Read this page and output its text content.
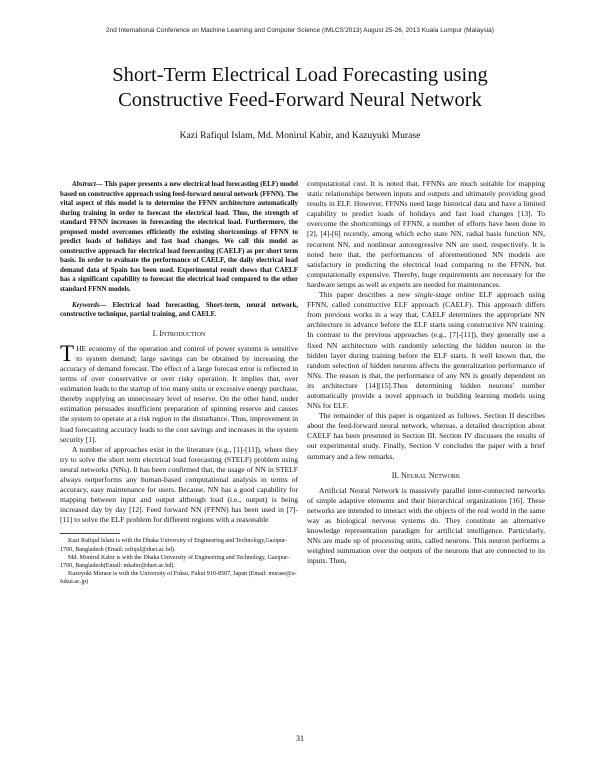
2nd International Conference on Machine Learning and Computer Science (IMLCS'2013) August 25-26, 2013 Kuala Lumpur (Malaysia)
Short-Term Electrical Load Forecasting using
Constructive Feed-Forward Neural Network
Kazi Rafiqul Islam, Md. Monirul Kabir, and Kazuyuki Murase

Abstract— This paper presents a new electrical load forecasting (ELF) model based on constructive approach using feed-forward neural network (FFNN). The vital aspect of this model is to determine the FFNN architecture automatically during training in order to forecast the electrical load. Thus, the strength of standard FFNN increases in forecasting the electrical load. Furthermore, the proposed model overcomes efficiently the existing shortcomings of FFNN to predict loads of holidays and fast load changes. We call this model as constructive approach for electrical load forecasting (CAELF) as per short term basis. In order to evaluate the performance of CAELF, the daily electrical load demand data of Spain has been used. Experimental result shows that CAELF has a significant capability to forecast the electrical load compared to the other standard FFNN models.

Keywords— Electrical load forecasting, Short-term, neural network, constructive technique, partial training, and CAELF.

I. Introduction

THE economy of the operation and control of power systems is sensitive to system demand; large savings can be obtained by increasing the accuracy of demand forecast. The effect of a large forecast error is reflected in terms of over conservative or over risky operation. It implies that, over estimation leads to the startup of too many units or excessive energy purchase, thereby supplying an unnecessary level of reserve. On the other hand, under estimation persuades insufficient preparation of spinning reserve and causes the system to operate at a risk region to the disturbance. Thus, improvement in load forecasting accuracy leads to the cost savings and increases in the system security [1].

A number of approaches exist in the literature (e.g., [1]-[11]), where they try to solve the short term electrical load forecasting (STELF) problem using neural networks (NNs). It has been confirmed that, the usage of NN in STELF always outperforms any human-based computational analysis in terms of accuracy, easy maintenance for users. Because, NN has a good capability for mapping between input and output although load (i.e., output) is being increased day by day [12]. Feed forward NN (FFNN) has been used in [7]-[11] to solve the ELF problem for different regions with a reasonable

Kazi Rafiqul Islam is with the Dhaka University of Engineering and Technology,Gazipur-1700, Bangladesh (Email: rafiqul@duet.ac.bd).

Md. Monirul Kabir is with the Dhaka University of Engineering and Technology, Gazipur-1700, Bangladesh(Email: mkabir@duet.ac.bd).

Kazuyuki Murase is with the University of Fukui, Fukui 910-8507, Japan (Email: murase@u-fukui.ac.jp)

computational cost. It is noted that, FFNNs are much suitable for mapping static relationships between inputs and outputs and ultimately providing good results in ELF. However, FFNNs need large historical data and have a limited capability to predict loads of holidays and fast load changes [13]. To overcome the shortcomings of FFNN, a number of efforts have been done in [2], [4]-[6] recently, among which echo state NN, radial basis function NN, recurrent NN, and nonlinear autoregressive NN are used, respectively. It is noted here that, the performances of aforementioned NN models are satisfactory in predicting the electrical load comparing to the FFNN, but computationally expensive. Thereby, huge requirements are necessary for the hardware setups as well as experts are needed for maintenances.

This paper describes a new single-stage online ELF approach using FFNN, called constructive ELF approach (CAELF). This approach differs from previous works in a way that, CAELF determines the appropriate NN architecture in advance before the ELF starts using constructive NN training. In contrast to the previous approaches (e.g., [7]-[11]), they generally use a fixed NN architecture with randomly selecting the hidden neuron in the hidden layer during training before the ELF starts. It well known that, the random selection of hidden neurons affects the generalization performance of NNs. The reason is that, the performance of any NN is greatly dependent on its architecture [14][15].Thus determining hidden neurons' number automatically provide a novel approach in building learning models using NNs for ELF.

The remainder of this paper is organized as follows. Section II describes about the feed-forward neural network, whereas, a detailed description about CAELF has been presented in Section III. Section IV discusses the results of our experimental study. Finally, Section V concludes the paper with a brief summary and a few remarks.

II. Neural Network

Artificial Neural Network is massively parallel inter-connected networks of simple adaptive elements and their hierarchical organizations [16]. These networks are intended to interact with the objects of the real world in the same way as biological nervous systems do. They constitute an alternative knowledge representation paradigm for artificial intelligence. Particularly, NNs are made up of processing units, called neurons. This neuron performs a weighted summation over the outputs of the neurons that are connected to its inputs. Then,

31
